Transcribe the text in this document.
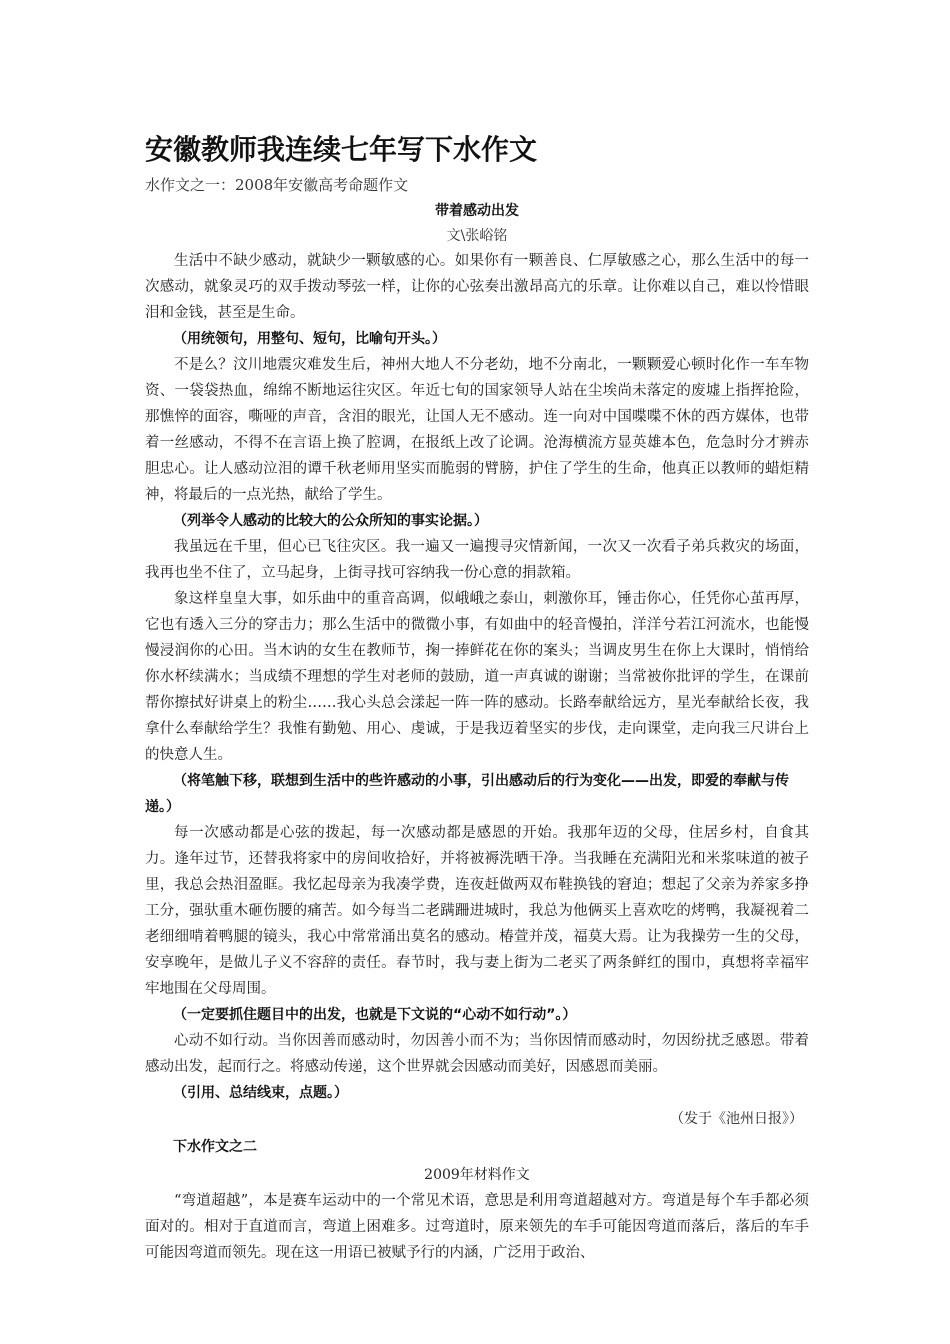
安徽教师我连续七年写下水作文

水作文之一：2008年安徽高考命题作文

带着感动出发
文\张峪铭

生活中不缺少感动，就缺少一颗敏感的心。如果你有一颗善良、仁厚敏感之心，那么生活中的每一次感动，就象灵巧的双手拨动琴弦一样，让你的心弦奏出激昂高亢的乐章。让你难以自己，难以怜惜眼泪和金钱，甚至是生命。

（用统领句，用整句、短句，比喻句开头。）

不是么？汶川地震灾难发生后，神州大地人不分老幼，地不分南北，一颗颗爱心顿时化作一车车物资、一袋袋热血，绵绵不断地运往灾区。年近七旬的国家领导人站在尘埃尚未落定的废墟上指挥抢险，那憔悴的面容，嘶哑的声音，含泪的眼光，让国人无不感动。连一向对中国喋喋不休的西方媒体，也带着一丝感动，不得不在言语上换了腔调，在报纸上改了论调。沧海横流方显英雄本色，危急时分才辨赤胆忠心。让人感动泣泪的谭千秋老师用坚实而脆弱的臂膀，护住了学生的生命，他真正以教师的蜡炬精神，将最后的一点光热，献给了学生。

（列举令人感动的比较大的公众所知的事实论据。）

我虽远在千里，但心已飞往灾区。我一遍又一遍搜寻灾情新闻，一次又一次看子弟兵救灾的场面，我再也坐不住了，立马起身，上街寻找可容纳我一份心意的捐款箱。

象这样皇皇大事，如乐曲中的重音高调，似峨峨之泰山，刺激你耳，锤击你心，任凭你心茧再厚，它也有透入三分的穿击力；那么生活中的微微小事，有如曲中的轻音慢拍，洋洋兮若江河流水，也能慢慢浸润你的心田。当木讷的女生在教师节，掬一捧鲜花在你的案头；当调皮男生在你上大课时，悄悄给你水杯续满水；当成绩不理想的学生对老师的鼓励，道一声真诚的谢谢；当常被你批评的学生，在课前帮你擦拭好讲桌上的粉尘……我心头总会漾起一阵一阵的感动。长路奉献给远方，星光奉献给长夜，我拿什么奉献给学生？我惟有勤勉、用心、虔诚，于是我迈着坚实的步伐，走向课堂，走向我三尺讲台上的快意人生。

（将笔触下移，联想到生活中的些许感动的小事，引出感动后的行为变化——出发，即爱的奉献与传递。）

每一次感动都是心弦的拨起，每一次感动都是感恩的开始。我那年迈的父母，住居乡村，自食其力。逢年过节，还替我将家中的房间收拾好，并将被褥洗晒干净。当我睡在充满阳光和米浆味道的被子里，我总会热泪盈眶。我忆起母亲为我凑学费，连夜赶做两双布鞋换钱的窘迫；想起了父亲为养家多挣工分，强驮重木砸伤腰的痛苦。如今每当二老蹒跚进城时，我总为他俩买上喜欢吃的烤鸭，我凝视着二老细细啃着鸭腿的镜头，我心中常常涌出莫名的感动。椿萱并茂，福莫大焉。让为我操劳一生的父母，安享晚年，是做儿子义不容辞的责任。春节时，我与妻上街为二老买了两条鲜红的围巾，真想将幸福牢牢地围在父母周围。

（一定要抓住题目中的出发，也就是下文说的“心动不如行动”。）

心动不如行动。当你因善而感动时，勿因善小而不为；当你因情而感动时，勿因纷扰乏感恩。带着感动出发，起而行之。将感动传递，这个世界就会因感动而美好，因感恩而美丽。

（引用、总结线束，点题。）

（发于《池州日报》）
下水作文之二
2009年材料作文

“弯道超越”，本是赛车运动中的一个常见术语，意思是利用弯道超越对方。弯道是每个车手都必须面对的。相对于直道而言，弯道上困难多。过弯道时，原来领先的车手可能因弯道而落后，落后的车手可能因弯道而领先。现在这一用语已被赋予行的内涵，广泛用于政治、
